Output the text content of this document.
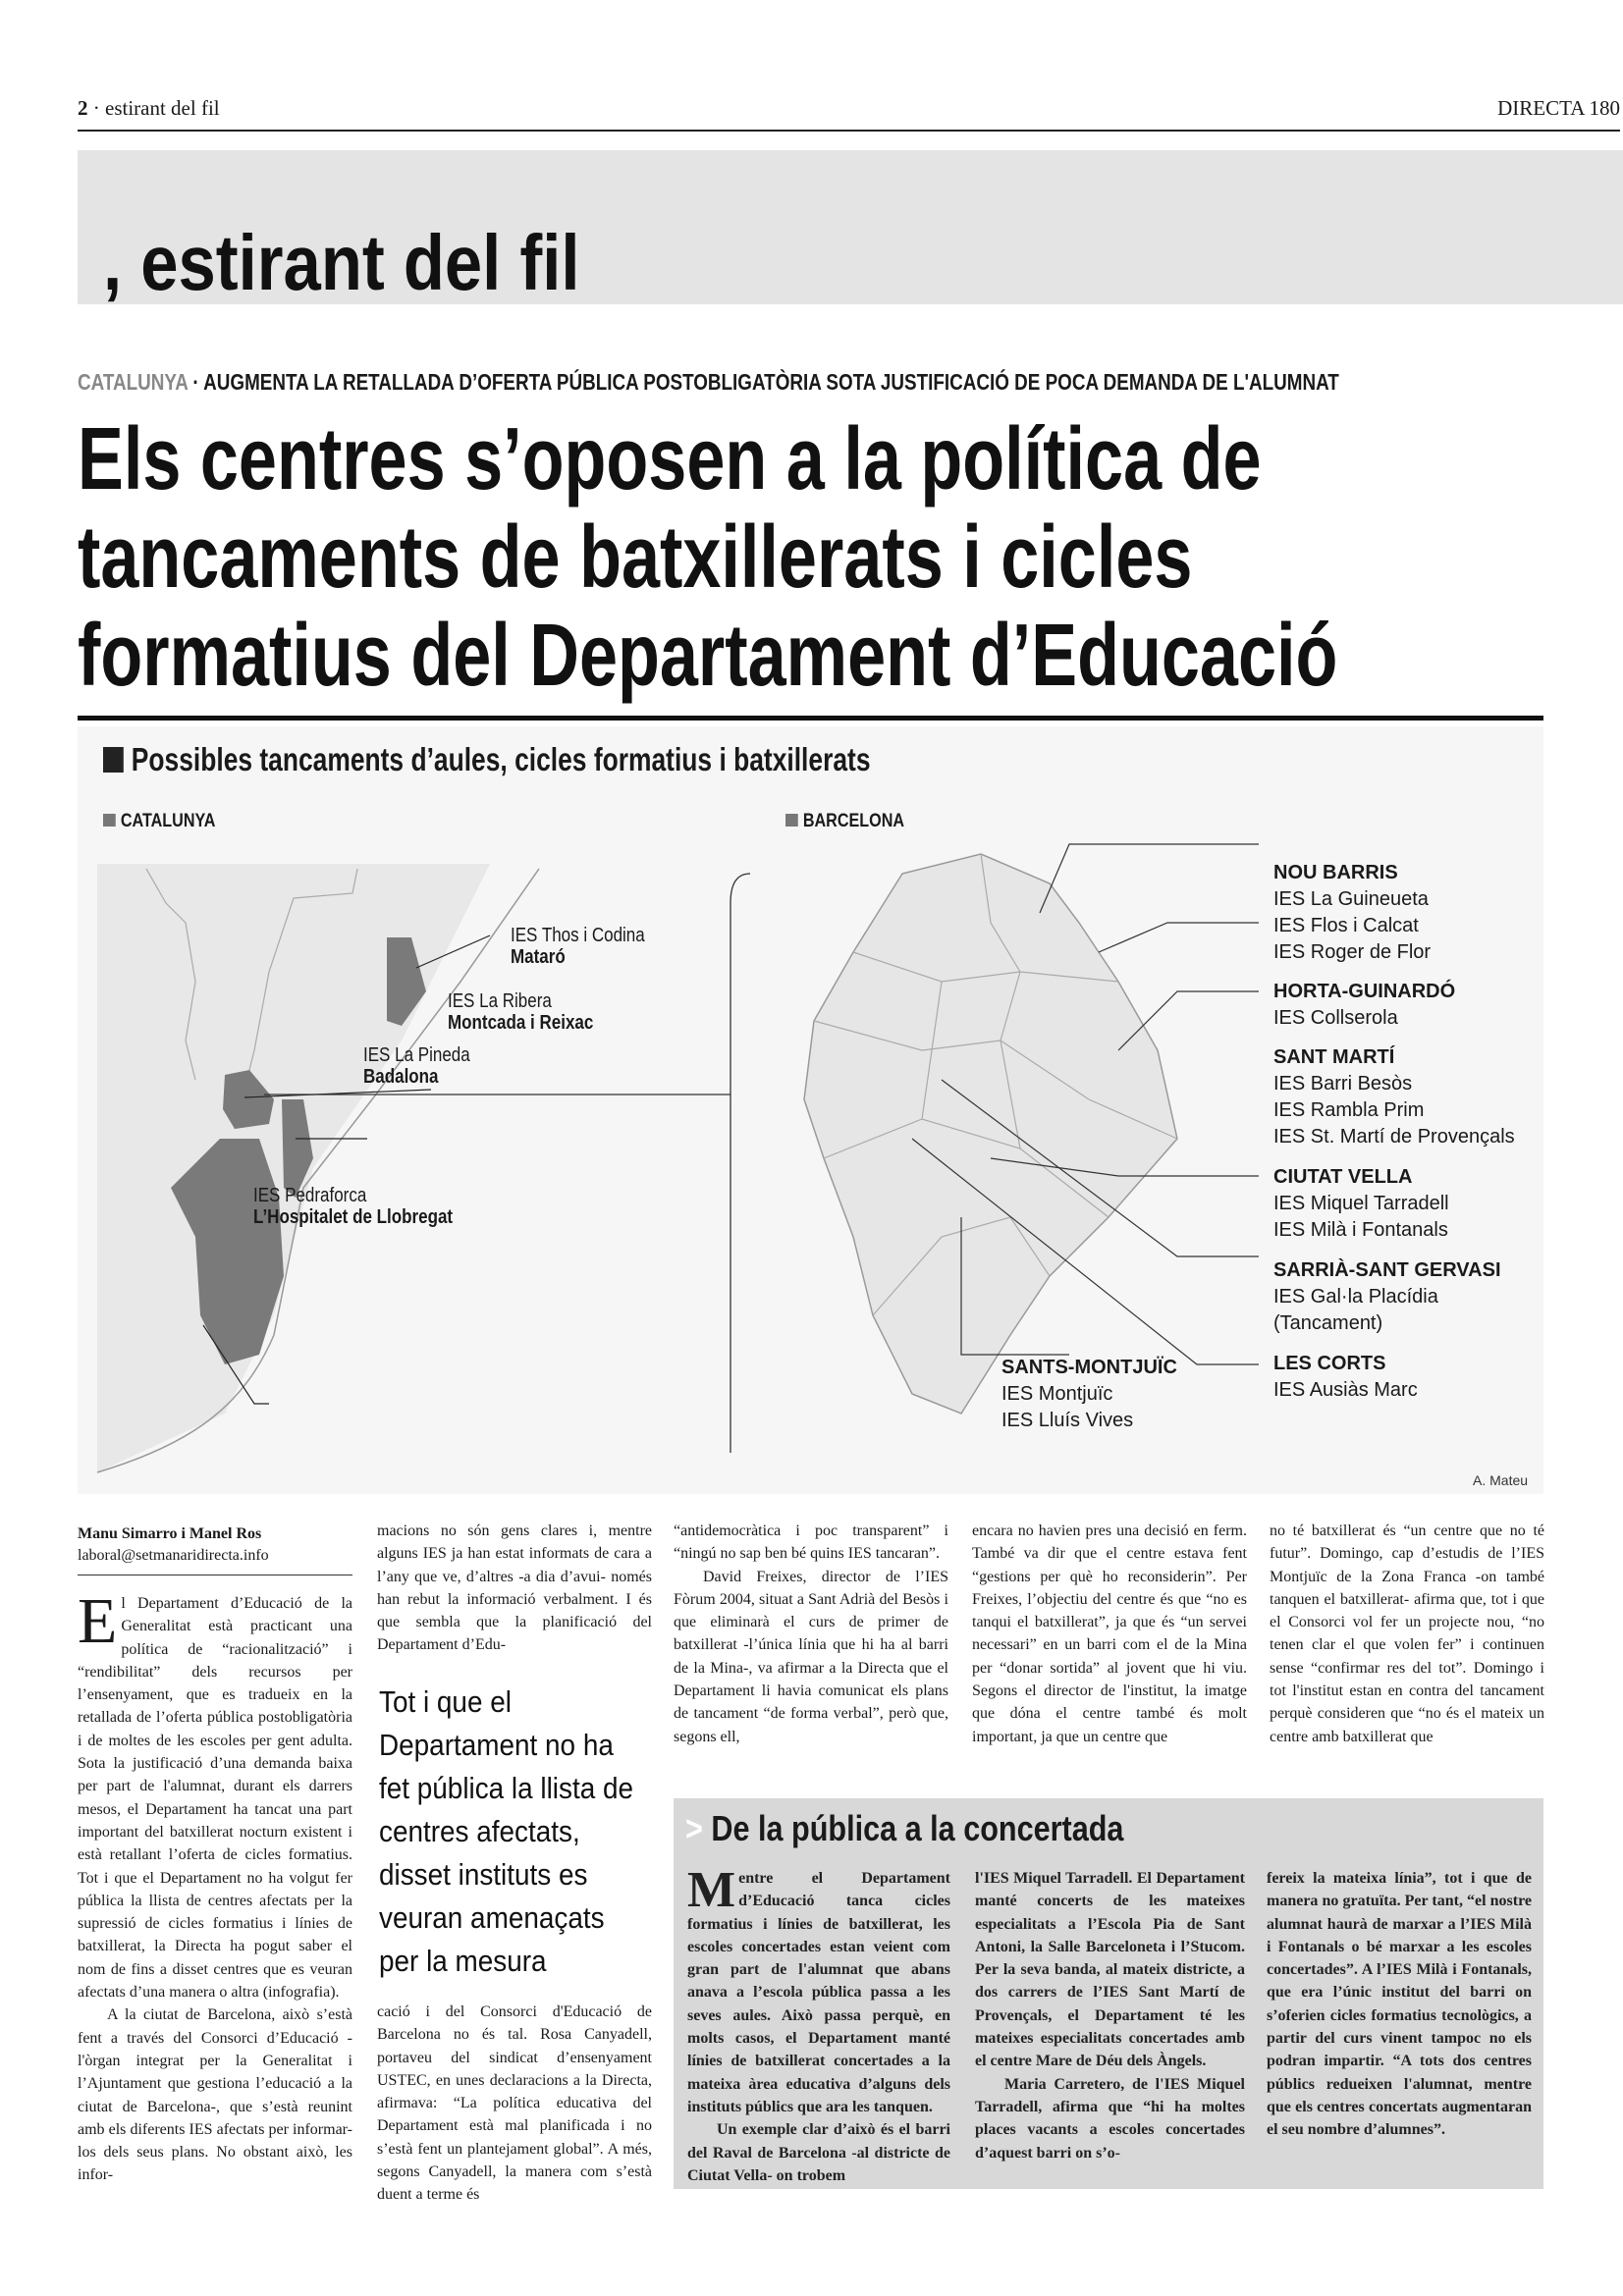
2 · estirant del fil	DIRECTA 180
, estirant del fil
CATALUNYA · AUGMENTA LA RETALLADA D’OFERTA PÚBLICA POSTOBLIGATÒRIA SOTA JUSTIFICACIÓ DE POCA DEMANDA DE L'ALUMNAT
Els centres s’oposen a la política de
tancaments de batxillerats i cicles
formatius del Departament d’Educació
Possibles tancaments d’aules, cicles formatius i batxillerats
CATALUNYA	BARCELONA
IES Thos i Codina
Mataró
IES La Ribera
Montcada i Reixac
IES La Pineda
Badalona
IES Pedraforca
L’Hospitalet de Llobregat
NOU BARRIS
IES La Guineueta
IES Flos i Calcat
IES Roger de Flor
HORTA-GUINARDÓ
IES Collserola
SANT MARTÍ
IES Barri Besòs
IES Rambla Prim
IES St. Martí de Provençals
CIUTAT VELLA
IES Miquel Tarradell
IES Milà i Fontanals
SARRIÀ-SANT GERVASI
IES Gal·la Placídia
(Tancament)
LES CORTS
IES Ausiàs Marc
SANTS-MONTJUÏC
IES Montjuïc
IES Lluís Vives
A. Mateu
Manu Simarro i Manel Ros
laboral@setmanaridirecta.info

El Departament d’Educació de la Generalitat està practicant una política de “racionalització” i “rendibilitat” dels recursos per l’ensenyament, que es tradueix en la retallada de l’oferta pública postobligatòria i de moltes de les escoles per gent adulta. Sota la justificació d’una demanda baixa per part de l'alumnat, durant els darrers mesos, el Departament ha tancat una part important del batxillerat nocturn existent i està retallant l’oferta de cicles formatius. Tot i que el Departament no ha volgut fer pública la llista de centres afectats per la supressió de cicles formatius i línies de batxillerat, la Directa ha pogut saber el nom de fins a disset centres que es veuran afectats d’una manera o altra (infografia).

A la ciutat de Barcelona, això s’està fent a través del Consorci d’Educació -l'òrgan integrat per la Generalitat i l’Ajuntament que gestiona l’educació a la ciutat de Barcelona-, que s’està reunint amb els diferents IES afectats per informar-los dels seus plans. No obstant això, les infor-

macions no són gens clares i, mentre alguns IES ja han estat informats de cara a l’any que ve, d’altres -a dia d’avui- només han rebut la informació verbalment. I és que sembla que la planificació del Departament d’Edu-

Tot i que el Departament no ha fet pública la llista de centres afectats, disset instituts es veuran amenaçats per la mesura

cació i del Consorci d'Educació de Barcelona no és tal. Rosa Canyadell, portaveu del sindicat d’ensenyament USTEC, en unes declaracions a la Directa, afirmava: “La política educativa del Departament està mal planificada i no s’està fent un plantejament global”. A més, segons Canyadell, la manera com s’està duent a terme és

“antidemocràtica i poc transparent” i “ningú no sap ben bé quins IES tancaran”.

David Freixes, director de l’IES Fòrum 2004, situat a Sant Adrià del Besòs i que eliminarà el curs de primer de batxillerat -l’única línia que hi ha al barri de la Mina-, va afirmar a la Directa que el Departament li havia comunicat els plans de tancament “de forma verbal”, però que, segons ell,

encara no havien pres una decisió en ferm. També va dir que el centre estava fent “gestions per què ho reconsiderin”. Per Freixes, l’objectiu del centre és que “no es tanqui el batxillerat”, ja que és “un servei necessari” en un barri com el de la Mina per “donar sortida” al jovent que hi viu. Segons el director de l'institut, la imatge que dóna el centre també és molt important, ja que un centre que

no té batxillerat és “un centre que no té futur”. Domingo, cap d’estudis de l’IES Montjuïc de la Zona Franca -on també tanquen el batxillerat- afirma que, tot i que el Consorci vol fer un projecte nou, “no tenen clar el que volen fer” i continuen sense “confirmar res del tot”. Domingo i tot l'institut estan en contra del tancament perquè consideren que “no és el mateix un centre amb batxillerat que

> De la pública a la concertada

Mentre el Departament d’Educació tanca cicles formatius i línies de batxillerat, les escoles concertades estan veient com gran part de l'alumnat que abans anava a l’escola pública passa a les seves aules. Això passa perquè, en molts casos, el Departament manté línies de batxillerat concertades a la mateixa àrea educativa d’alguns dels instituts públics que ara les tanquen.

Un exemple clar d’això és el barri del Raval de Barcelona -al districte de Ciutat Vella- on trobem

l'IES Miquel Tarradell. El Departament manté concerts de les mateixes especialitats a l’Escola Pia de Sant Antoni, la Salle Barceloneta i l’Stucom. Per la seva banda, al mateix districte, a dos carrers de l’IES Sant Martí de Provençals, el Departament té les mateixes especialitats concertades amb el centre Mare de Déu dels Àngels.

Maria Carretero, de l'IES Miquel Tarradell, afirma que “hi ha moltes places vacants a escoles concertades d’aquest barri on s’o-

fereix la mateixa línia”, tot i que de manera no gratuïta. Per tant, “el nostre alumnat haurà de marxar a l’IES Milà i Fontanals o bé marxar a les escoles concertades”. A l’IES Milà i Fontanals, que era l’únic institut del barri on s’oferien cicles formatius tecnològics, a partir del curs vinent tampoc no els podran impartir. “A tots dos centres públics redueixen l'alumnat, mentre que els centres concertats augmentaran el seu nombre d’alumnes”.
